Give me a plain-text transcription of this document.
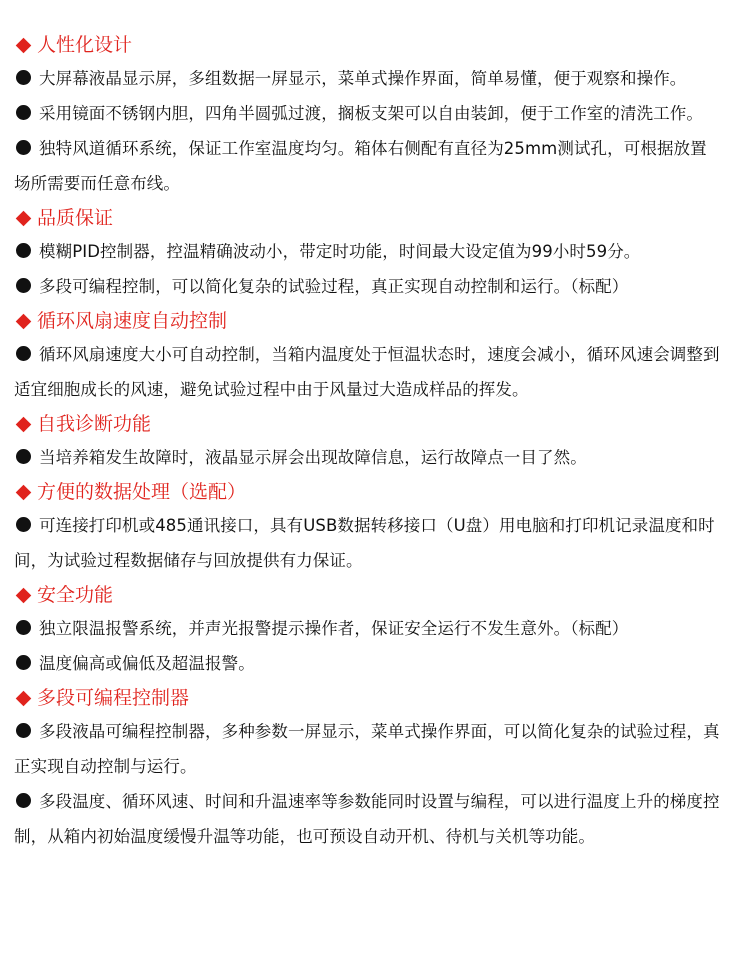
人性化设计
大屏幕液晶显示屏，多组数据一屏显示，菜单式操作界面，简单易懂，便于观察和操作。
采用镜面不锈钢内胆，四角半圆弧过渡，搁板支架可以自由装卸，便于工作室的清洗工作。
独特风道循环系统，保证工作室温度均匀。箱体右侧配有直径为25mm测试孔，可根据放置场所需要而任意布线。
品质保证
模糊PID控制器，控温精确波动小，带定时功能，时间最大设定值为99小时59分。
多段可编程控制，可以简化复杂的试验过程，真正实现自动控制和运行。（标配）
循环风扇速度自动控制
循环风扇速度大小可自动控制，当箱内温度处于恒温状态时，速度会减小，循环风速会调整到适宜细胞成长的风速，避免试验过程中由于风量过大造成样品的挥发。
自我诊断功能
当培养箱发生故障时，液晶显示屏会出现故障信息，运行故障点一目了然。
方便的数据处理（选配）
可连接打印机或485通讯接口，具有USB数据转移接口（U盘）用电脑和打印机记录温度和时间，为试验过程数据储存与回放提供有力保证。
安全功能
独立限温报警系统，并声光报警提示操作者，保证安全运行不发生意外。（标配）
温度偏高或偏低及超温报警。
多段可编程控制器
多段液晶可编程控制器，多种参数一屏显示，菜单式操作界面，可以简化复杂的试验过程，真正实现自动控制与运行。
多段温度、循环风速、时间和升温速率等参数能同时设置与编程，可以进行温度上升的梯度控制，从箱内初始温度缓慢升温等功能，也可预设自动开机、待机与关机等功能。
